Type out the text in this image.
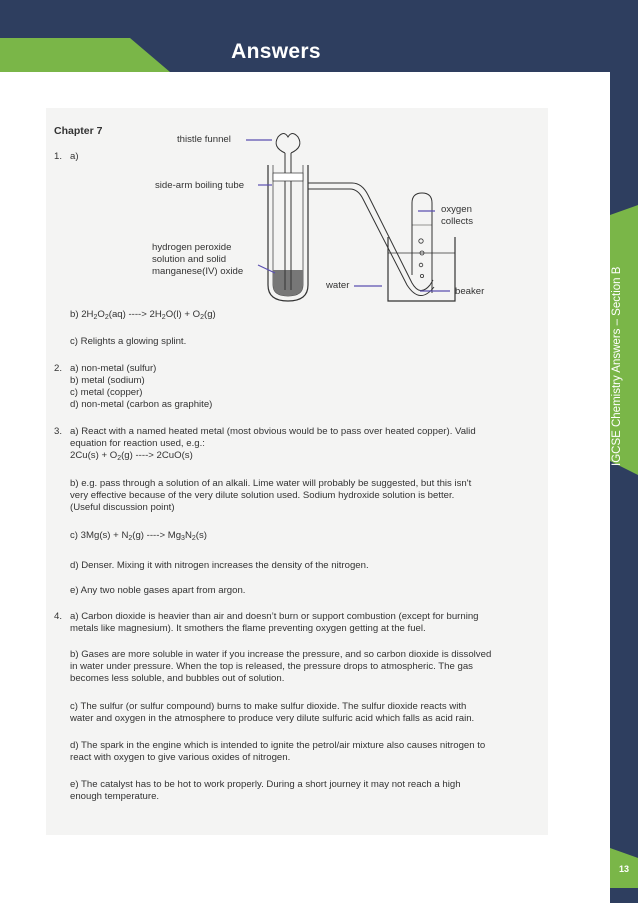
Answers
IGCSE Chemistry Answers – Section B
13
Chapter 7
1. a)
thistle funnel
side-arm boiling tube
hydrogen peroxide
solution and solid
manganese(IV) oxide
water
oxygen
collects
beaker
b) $2H_2O_2(aq)$ ----> $2H_2O(l) + O_2(g)$
c) Relights a glowing splint.
2. a) non-metal (sulfur)
b) metal (sodium)
c) metal (copper)
d) non-metal (carbon as graphite)
3. a) React with a named heated metal (most obvious would be to pass over heated copper). Valid
equation for reaction used, e.g.:
$2Cu(s) + O_2(g)$ ----> 2CuO(s)
b) e.g. pass through a solution of an alkali. Lime water will probably be suggested, but this isn't
very effective because of the very dilute solution used. Sodium hydroxide solution is better.
(Useful discussion point)
c) $3Mg(s) + N_2(g)$ ----> $Mg_3N_2(s)$
d) Denser. Mixing it with nitrogen increases the density of the nitrogen.
e) Any two noble gases apart from argon.
4. a) Carbon dioxide is heavier than air and doesn’t burn or support combustion (except for burning
metals like magnesium). It smothers the flame preventing oxygen getting at the fuel.
b) Gases are more soluble in water if you increase the pressure, and so carbon dioxide is dissolved
in water under pressure. When the top is released, the pressure drops to atmospheric. The gas
becomes less soluble, and bubbles out of solution.
c) The sulfur (or sulfur compound) burns to make sulfur dioxide. The sulfur dioxide reacts with
water and oxygen in the atmosphere to produce very dilute sulfuric acid which falls as acid rain.
d) The spark in the engine which is intended to ignite the petrol/air mixture also causes nitrogen to
react with oxygen to give various oxides of nitrogen.
e) The catalyst has to be hot to work properly. During a short journey it may not reach a high
enough temperature.
